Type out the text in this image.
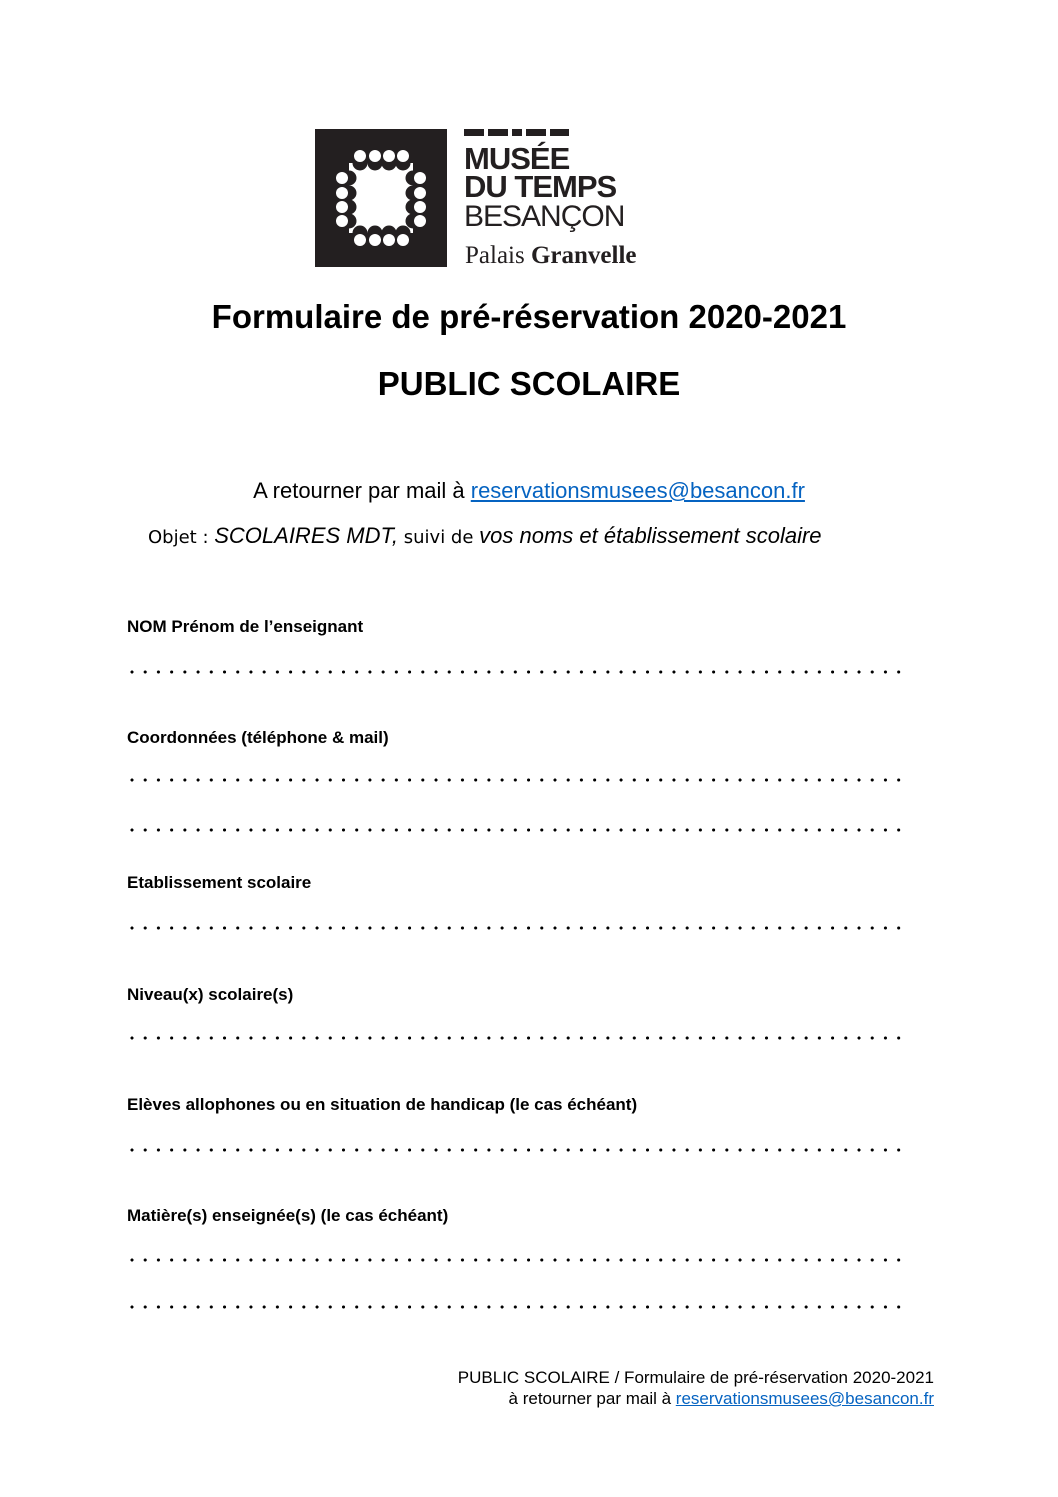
MUSÉE
DU TEMPS
BESANÇON
Palais Granvelle
Formulaire de pré-réservation 2020-2021
PUBLIC SCOLAIRE
A retourner par mail à reservationsmusees@besancon.fr
Objet : SCOLAIRES MDT, suivi de vos noms et établissement scolaire
NOM Prénom de l’enseignant
Coordonnées (téléphone & mail)
Etablissement scolaire
Niveau(x) scolaire(s)
Elèves allophones ou en situation de handicap (le cas échéant)
Matière(s) enseignée(s) (le cas échéant)
PUBLIC SCOLAIRE / Formulaire de pré-réservation 2020-2021
à retourner par mail à reservationsmusees@besancon.fr
